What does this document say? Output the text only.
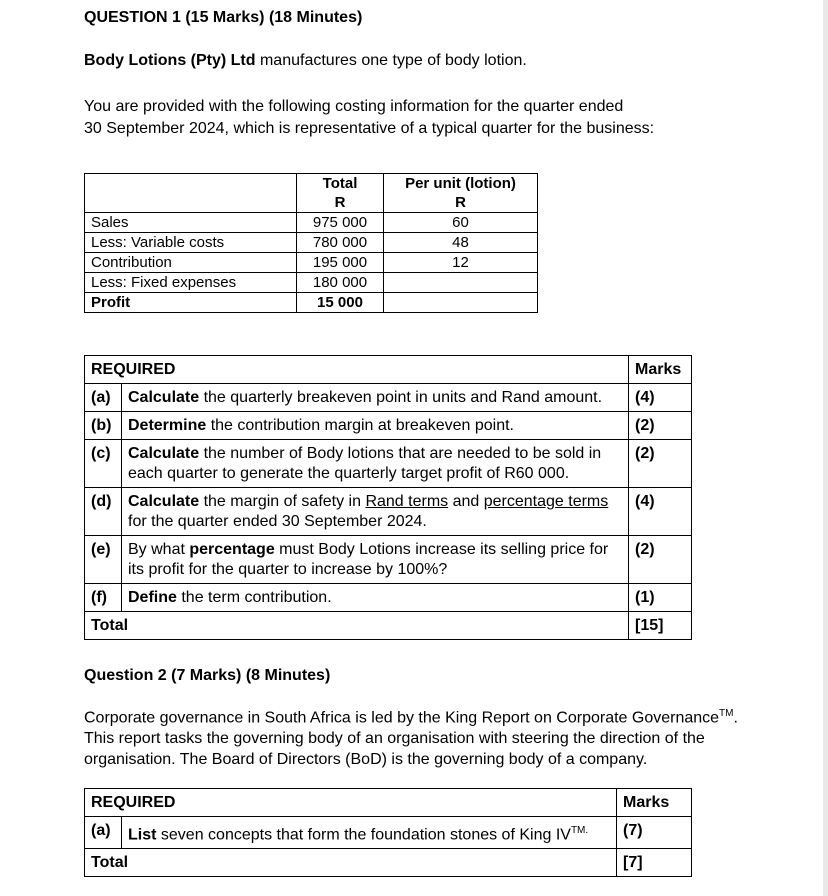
QUESTION 1 (15 Marks) (18 Minutes)
Body Lotions (Pty) Ltd manufactures one type of body lotion.
You are provided with the following costing information for the quarter ended
30 September 2024, which is representative of a typical quarter for the business:
	Total	Per unit (lotion)
	R	R
Sales	975 000	60
Less: Variable costs	780 000	48
Contribution	195 000	12
Less: Fixed expenses	180 000	
Profit	15 000	
REQUIRED		Marks
(a)	Calculate the quarterly breakeven point in units and Rand amount.	(4)
(b)	Determine the contribution margin at breakeven point.	(2)
(c)	Calculate the number of Body lotions that are needed to be sold in each quarter to generate the quarterly target profit of R60 000.	(2)
(d)	Calculate the margin of safety in Rand terms and percentage terms for the quarter ended 30 September 2024.	(4)
(e)	By what percentage must Body Lotions increase its selling price for its profit for the quarter to increase by 100%?	(2)
(f)	Define the term contribution.	(1)
Total		[15]
Question 2 (7 Marks) (8 Minutes)
Corporate governance in South Africa is led by the King Report on Corporate Governance™. This report tasks the governing body of an organisation with steering the direction of the organisation. The Board of Directors (BoD) is the governing body of a company.
REQUIRED		Marks
(a)	List seven concepts that form the foundation stones of King $IV^{TM.}$	(7)
Total		[7]
